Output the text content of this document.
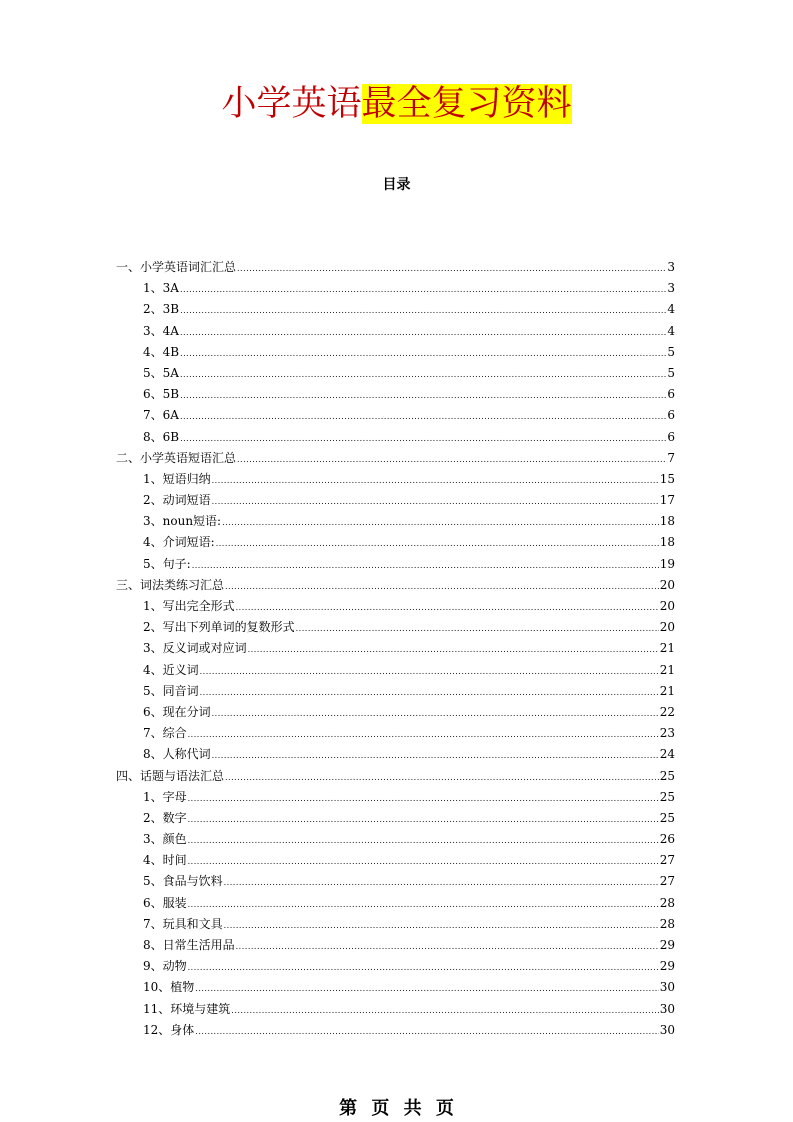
小学英语最全复习资料
目录
一、小学英语词汇汇总 .....	3
1、3A .....	3
2、3B .....	4
3、4A .....	4
4、4B .....	5
5、5A .....	5
6、5B .....	6
7、6A .....	6
8、6B .....	6
二、小学英语短语汇总 .....	7
1、短语归纳 .....	15
2、动词短语 .....	17
3、noun短语: .....	18
4、介词短语: .....	18
5、句子: .....	19
三、词法类练习汇总 .....	20
1、写出完全形式 .....	20
2、写出下列单词的复数形式 .....	20
3、反义词或对应词 .....	21
4、近义词 .....	21
5、同音词 .....	21
6、现在分词 .....	22
7、综合 .....	23
8、人称代词 .....	24
四、话题与语法汇总 .....	25
1、字母 .....	25
2、数字 .....	25
3、颜色 .....	26
4、时间 .....	27
5、食品与饮料 .....	27
6、服装 .....	28
7、玩具和文具 .....	28
8、日常生活用品 .....	29
9、动物 .....	29
10、植物 .....	30
11、环境与建筑 .....	30
12、身体 .....	30
第 页 共 页
